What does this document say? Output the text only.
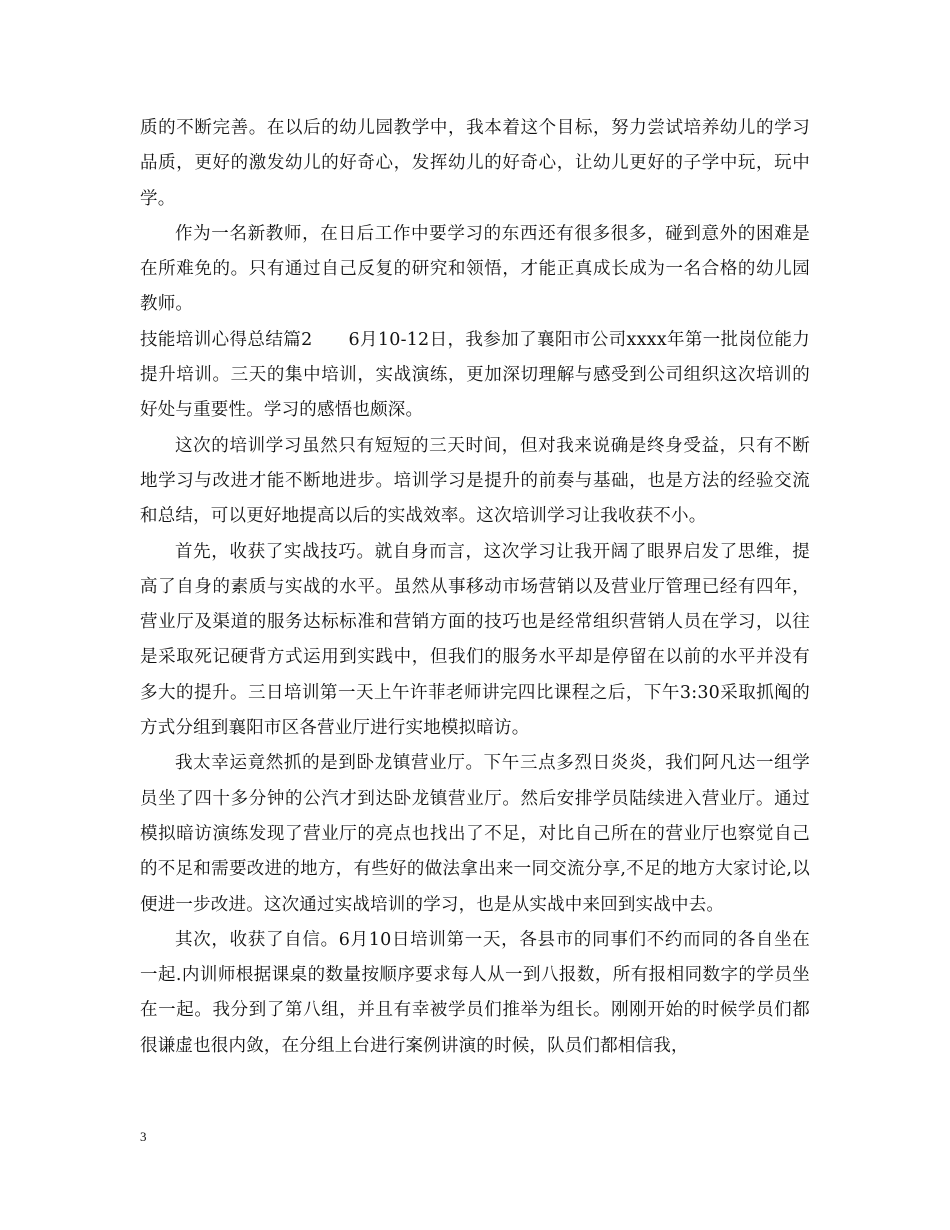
质的不断完善。在以后的幼儿园教学中，我本着这个目标，努力尝试培养幼儿的学习品质，更好的激发幼儿的好奇心，发挥幼儿的好奇心，让幼儿更好的子学中玩，玩中学。

作为一名新教师，在日后工作中要学习的东西还有很多很多，碰到意外的困难是在所难免的。只有通过自己反复的研究和领悟，才能正真成长成为一名合格的幼儿园教师。

技能培训心得总结篇2　　6月10-12日，我参加了襄阳市公司xxxx年第一批岗位能力提升培训。三天的集中培训，实战演练，更加深切理解与感受到公司组织这次培训的好处与重要性。学习的感悟也颇深。

这次的培训学习虽然只有短短的三天时间，但对我来说确是终身受益，只有不断地学习与改进才能不断地进步。培训学习是提升的前奏与基础，也是方法的经验交流和总结，可以更好地提高以后的实战效率。这次培训学习让我收获不小。

首先，收获了实战技巧。就自身而言，这次学习让我开阔了眼界启发了思维，提高了自身的素质与实战的水平。虽然从事移动市场营销以及营业厅管理已经有四年，营业厅及渠道的服务达标标准和营销方面的技巧也是经常组织营销人员在学习，以往是采取死记硬背方式运用到实践中，但我们的服务水平却是停留在以前的水平并没有多大的提升。三日培训第一天上午许菲老师讲完四比课程之后，下午3:30采取抓阄的方式分组到襄阳市区各营业厅进行实地模拟暗访。

我太幸运竟然抓的是到卧龙镇营业厅。下午三点多烈日炎炎，我们阿凡达一组学员坐了四十多分钟的公汽才到达卧龙镇营业厅。然后安排学员陆续进入营业厅。通过模拟暗访演练发现了营业厅的亮点也找出了不足，对比自己所在的营业厅也察觉自己的不足和需要改进的地方，有些好的做法拿出来一同交流分享,不足的地方大家讨论,以便进一步改进。这次通过实战培训的学习，也是从实战中来回到实战中去。

其次，收获了自信。6月10日培训第一天，各县市的同事们不约而同的各自坐在一起.内训师根据课桌的数量按顺序要求每人从一到八报数，所有报相同数字的学员坐在一起。我分到了第八组，并且有幸被学员们推举为组长。刚刚开始的时候学员们都很谦虚也很内敛，在分组上台进行案例讲演的时候，队员们都相信我，

3
